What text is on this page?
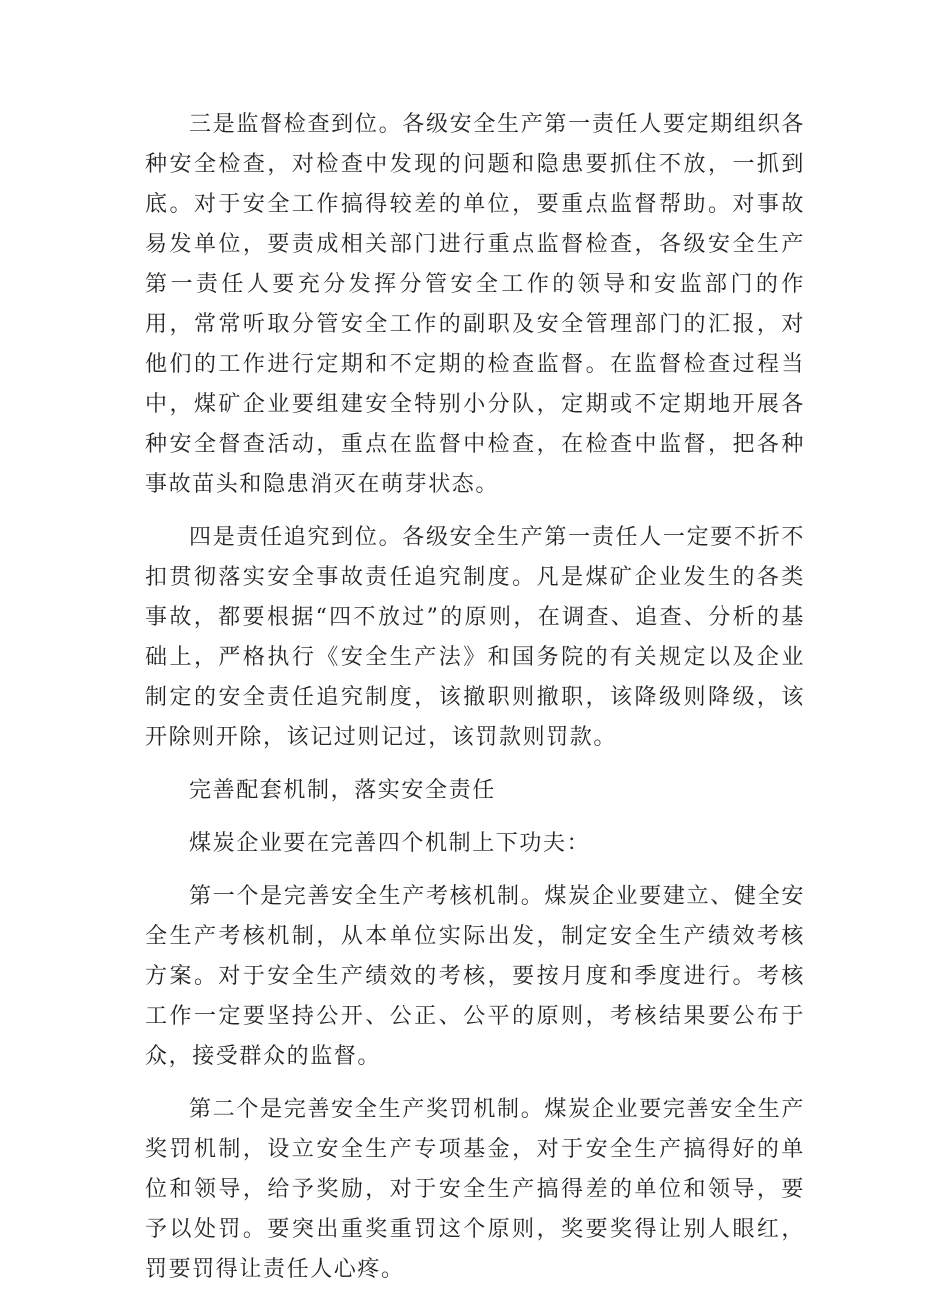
三是监督检查到位。各级安全生产第一责任人要定期组织各种安全检查，对检查中发现的问题和隐患要抓住不放，一抓到底。对于安全工作搞得较差的单位，要重点监督帮助。对事故易发单位，要责成相关部门进行重点监督检查，各级安全生产第一责任人要充分发挥分管安全工作的领导和安监部门的作用，常常听取分管安全工作的副职及安全管理部门的汇报，对他们的工作进行定期和不定期的检查监督。在监督检查过程当中，煤矿企业要组建安全特别小分队，定期或不定期地开展各种安全督查活动，重点在监督中检查，在检查中监督，把各种事故苗头和隐患消灭在萌芽状态。

四是责任追究到位。各级安全生产第一责任人一定要不折不扣贯彻落实安全事故责任追究制度。凡是煤矿企业发生的各类事故，都要根据“四不放过”的原则，在调查、追查、分析的基础上，严格执行《安全生产法》和国务院的有关规定以及企业制定的安全责任追究制度，该撤职则撤职，该降级则降级，该开除则开除，该记过则记过，该罚款则罚款。

完善配套机制，落实安全责任

煤炭企业要在完善四个机制上下功夫：

第一个是完善安全生产考核机制。煤炭企业要建立、健全安全生产考核机制，从本单位实际出发，制定安全生产绩效考核方案。对于安全生产绩效的考核，要按月度和季度进行。考核工作一定要坚持公开、公正、公平的原则，考核结果要公布于众，接受群众的监督。

第二个是完善安全生产奖罚机制。煤炭企业要完善安全生产奖罚机制，设立安全生产专项基金，对于安全生产搞得好的单位和领导，给予奖励，对于安全生产搞得差的单位和领导，要 予以处罚。要突出重奖重罚这个原则，奖要奖得让别人眼红，罚要罚得让责任人心疼。
